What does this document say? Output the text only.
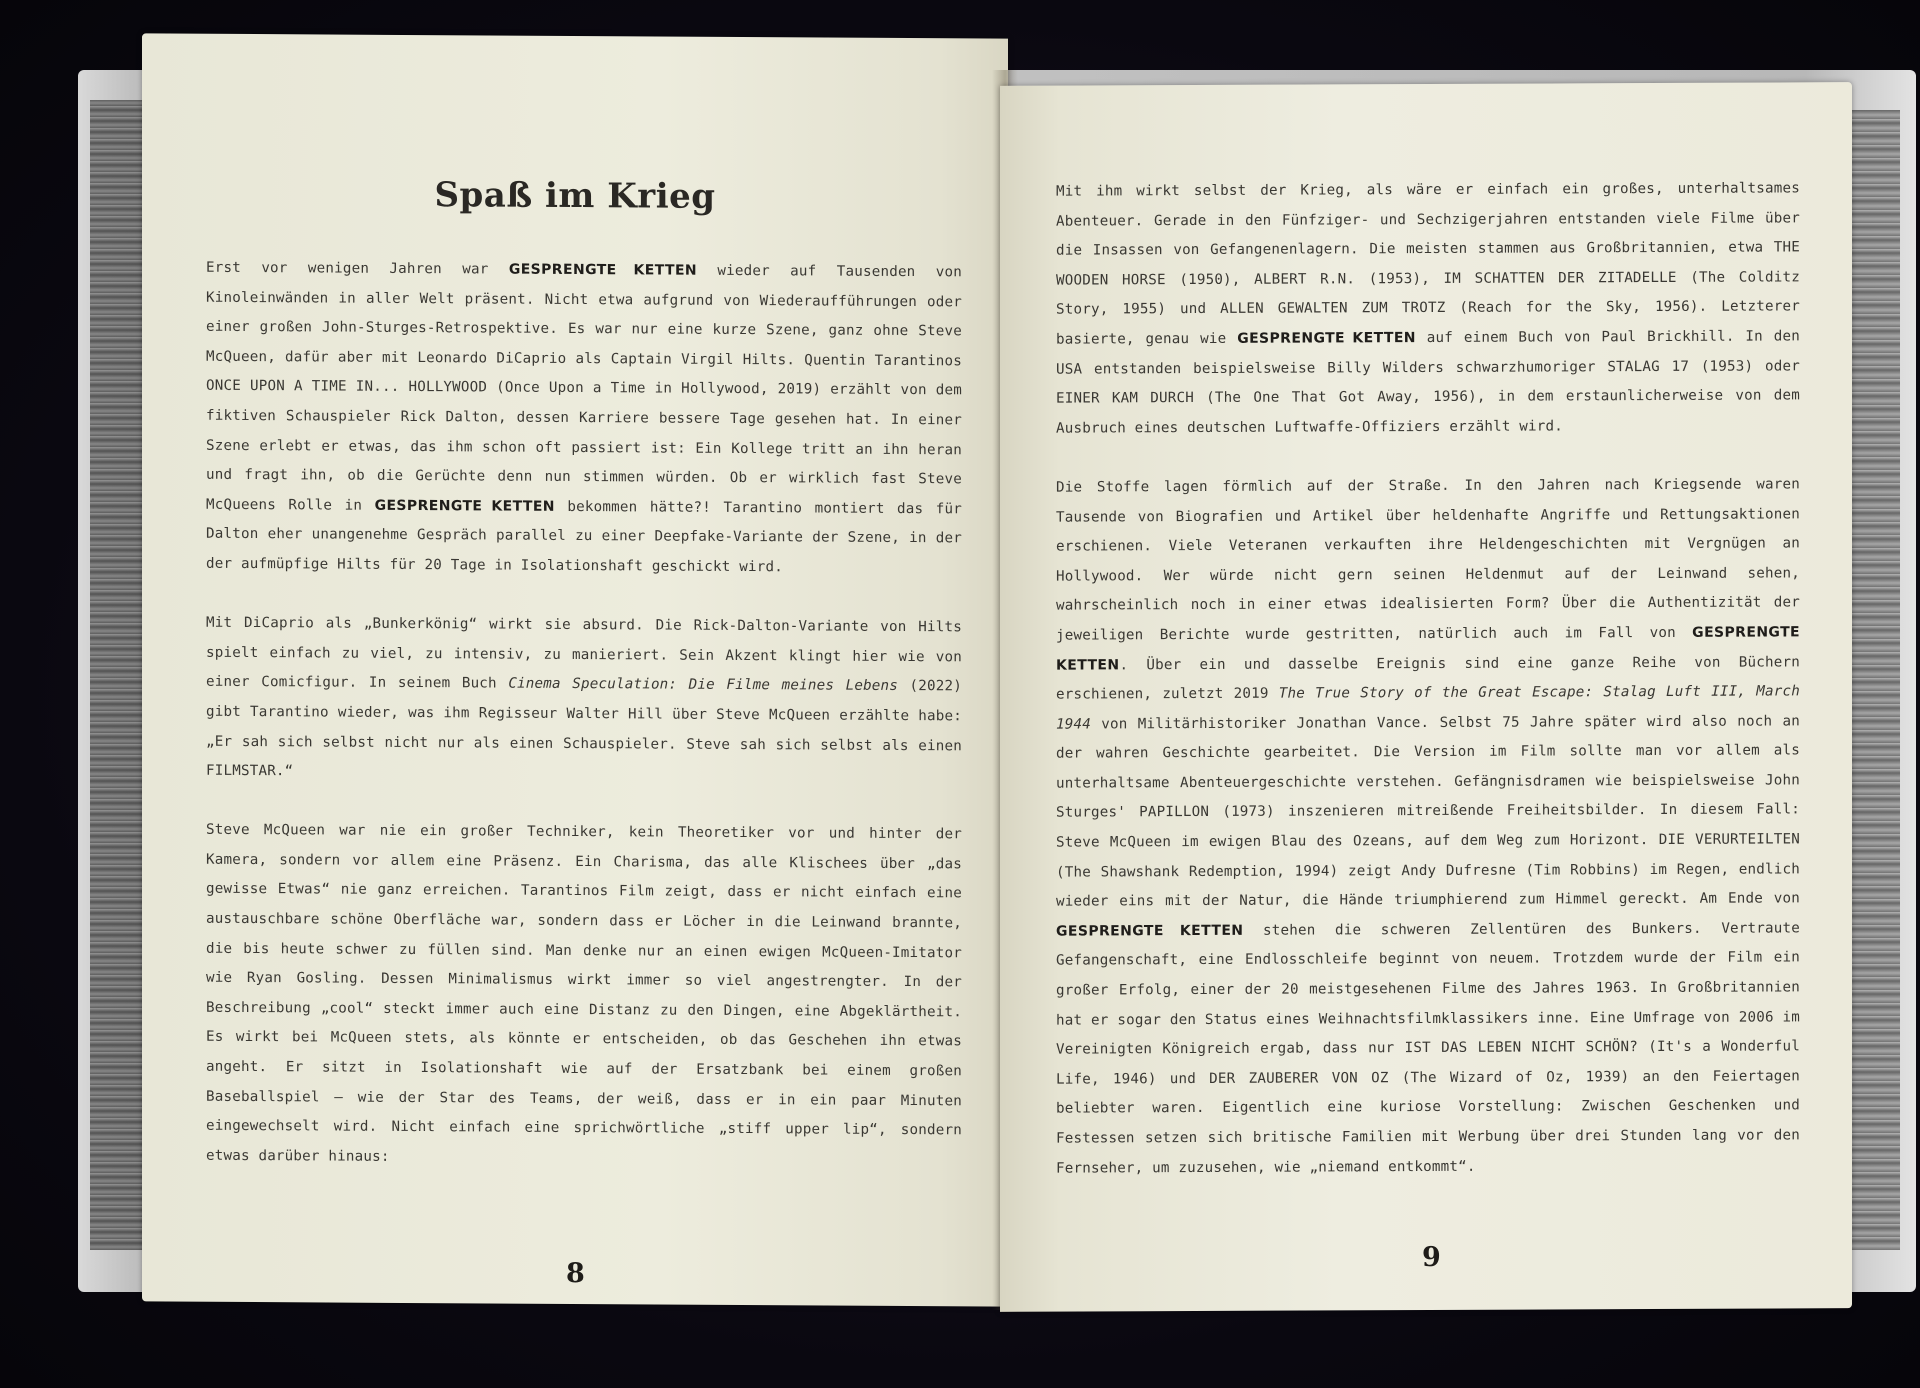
Spaß im Krieg

Erst vor wenigen Jahren war GESPRENGTE KETTEN wieder auf Tausenden von Kinoleinwänden in aller Welt präsent. Nicht etwa aufgrund von Wiederaufführungen oder einer großen John-Sturges-Retrospektive. Es war nur eine kurze Szene, ganz ohne Steve McQueen, dafür aber mit Leonardo DiCaprio als Captain Virgil Hilts. Quentin Tarantinos ONCE UPON A TIME IN... HOLLYWOOD (Once Upon a Time in Hollywood, 2019) erzählt von dem fiktiven Schauspieler Rick Dalton, dessen Karriere bessere Tage gesehen hat. In einer Szene erlebt er etwas, das ihm schon oft passiert ist: Ein Kollege tritt an ihn heran und fragt ihn, ob die Gerüchte denn nun stimmen würden. Ob er wirklich fast Steve McQueens Rolle in GESPRENGTE KETTEN bekommen hätte?! Tarantino montiert das für Dalton eher unangenehme Gespräch parallel zu einer Deepfake-Variante der Szene, in der der aufmüpfige Hilts für 20 Tage in Isolationshaft geschickt wird.

Mit DiCaprio als „Bunkerkönig“ wirkt sie absurd. Die Rick-Dalton-Variante von Hilts spielt einfach zu viel, zu intensiv, zu manieriert. Sein Akzent klingt hier wie von einer Comicfigur. In seinem Buch Cinema Speculation: Die Filme meines Lebens (2022) gibt Tarantino wieder, was ihm Regisseur Walter Hill über Steve McQueen erzählte habe: „Er sah sich selbst nicht nur als einen Schauspieler. Steve sah sich selbst als einen FILMSTAR.“

Steve McQueen war nie ein großer Techniker, kein Theoretiker vor und hinter der Kamera, sondern vor allem eine Präsenz. Ein Charisma, das alle Klischees über „das gewisse Etwas“ nie ganz erreichen. Tarantinos Film zeigt, dass er nicht einfach eine austauschbare schöne Oberfläche war, sondern dass er Löcher in die Leinwand brannte, die bis heute schwer zu füllen sind. Man denke nur an einen ewigen McQueen-Imitator wie Ryan Gosling. Dessen Minimalismus wirkt immer so viel angestrengter. In der Beschreibung „cool“ steckt immer auch eine Distanz zu den Dingen, eine Abgeklärtheit. Es wirkt bei McQueen stets, als könnte er entscheiden, ob das Geschehen ihn etwas angeht. Er sitzt in Isolationshaft wie auf der Ersatzbank bei einem großen Baseballspiel – wie der Star des Teams, der weiß, dass er in ein paar Minuten eingewechselt wird. Nicht einfach eine sprichwörtliche „stiff upper lip“, sondern etwas darüber hinaus:

8

Mit ihm wirkt selbst der Krieg, als wäre er einfach ein großes, unterhaltsames Abenteuer. Gerade in den Fünfziger- und Sechzigerjahren entstanden viele Filme über die Insassen von Gefangenenlagern. Die meisten stammen aus Großbritannien, etwa THE WOODEN HORSE (1950), ALBERT R.N. (1953), IM SCHATTEN DER ZITADELLE (The Colditz Story, 1955) und ALLEN GEWALTEN ZUM TROTZ (Reach for the Sky, 1956). Letzterer basierte, genau wie GESPRENGTE KETTEN auf einem Buch von Paul Brickhill. In den USA entstanden beispielsweise Billy Wilders schwarzhumoriger STALAG 17 (1953) oder EINER KAM DURCH (The One That Got Away, 1956), in dem erstaunlicherweise von dem Ausbruch eines deutschen Luftwaffe-Offiziers erzählt wird.

Die Stoffe lagen förmlich auf der Straße. In den Jahren nach Kriegsende waren Tausende von Biografien und Artikel über heldenhafte Angriffe und Rettungsaktionen erschienen. Viele Veteranen verkauften ihre Heldengeschichten mit Vergnügen an Hollywood. Wer würde nicht gern seinen Heldenmut auf der Leinwand sehen, wahrscheinlich noch in einer etwas idealisierten Form? Über die Authentizität der jeweiligen Berichte wurde gestritten, natürlich auch im Fall von GESPRENGTE KETTEN. Über ein und dasselbe Ereignis sind eine ganze Reihe von Büchern erschienen, zuletzt 2019 The True Story of the Great Escape: Stalag Luft III, March 1944 von Militärhistoriker Jonathan Vance. Selbst 75 Jahre später wird also noch an der wahren Geschichte gearbeitet. Die Version im Film sollte man vor allem als unterhaltsame Abenteuergeschichte verstehen. Gefängnisdramen wie beispielsweise John Sturges' PAPILLON (1973) inszenieren mitreißende Freiheitsbilder. In diesem Fall: Steve McQueen im ewigen Blau des Ozeans, auf dem Weg zum Horizont. DIE VERURTEILTEN (The Shawshank Redemption, 1994) zeigt Andy Dufresne (Tim Robbins) im Regen, endlich wieder eins mit der Natur, die Hände triumphierend zum Himmel gereckt. Am Ende von GESPRENGTE KETTEN stehen die schweren Zellentüren des Bunkers. Vertraute Gefangenschaft, eine Endlosschleife beginnt von neuem. Trotzdem wurde der Film ein großer Erfolg, einer der 20 meistgesehenen Filme des Jahres 1963. In Großbritannien hat er sogar den Status eines Weihnachtsfilmklassikers inne. Eine Umfrage von 2006 im Vereinigten Königreich ergab, dass nur IST DAS LEBEN NICHT SCHÖN? (It's a Wonderful Life, 1946) und DER ZAUBERER VON OZ (The Wizard of Oz, 1939) an den Feiertagen beliebter waren. Eigentlich eine kuriose Vorstellung: Zwischen Geschenken und Festessen setzen sich britische Familien mit Werbung über drei Stunden lang vor den Fernseher, um zuzusehen, wie „niemand entkommt“.

9
